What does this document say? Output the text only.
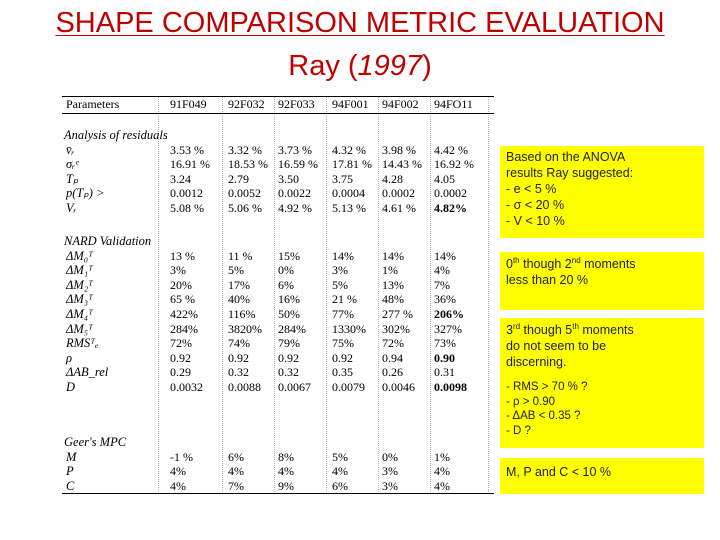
SHAPE COMPARISON METRIC EVALUATION
Ray (1997)
Parameters	91F049 92F032 92F033 94F001 94F002 94FO11
Analysis of residuals
v̄ᵣ	3.53 % 3.32 % 3.73 % 4.32 % 3.98 % 4.42 %
σᵣᵉ	16.91 % 18.53 % 16.59 % 17.81 % 14.43 % 16.92 %
Tₚ	3.24	2.79 3.50	3.75 4.28	4.05
p(Tₚ) >	0.0012 0.0052 0.0022 0.0004 0.0002 0.0002
Vᵣ	5.08 % 5.06 % 4.92 % 5.13 % 4.61 % 4.82%
NARD Validation
ΔM₀ᵀ	13 %	11 % 15%	14% 14%	14%
ΔM₁ᵀ	3%	5%	0%	3%	1%	4%
ΔM₂ᵀ	20%	17% 6%	5%	13%	7%
ΔM₃ᵀ	65 %	40% 16%	21 % 48%	36%
ΔM₄ᵀ	422%	116% 50%	77% 277 % 206%
ΔM₅ᵀ	284%	3820% 284% 1330% 302% 327%
RMSᵀₑ	72%	74% 79%	75% 72%	73%
ρ	0.92	0.92 0.92	0.92 0.94	0.90
ΔAB_rel	0.29	0.32 0.32	0.35 0.26	0.31
D	0.0032 0.0088 0.0067 0.0079 0.0046 0.0098
Geer's MPC
M	-1 %	6%	8%	5%	0%	1%
P	4%	4%	4%	4%	3%	4%
C	4%	7%	9%	6%	3%	4%
Based on the ANOVA
results Ray suggested:
- e < 5 %
- σ < 20 %
- V < 10 %
0th though 2nd moments
less than 20 %
3rd though 5th moments
do not seem to be
discerning.
- RMS > 70 % ?
- ρ > 0.90
- ΔAB < 0.35 ?
- D ?
M, P and C < 10 %
